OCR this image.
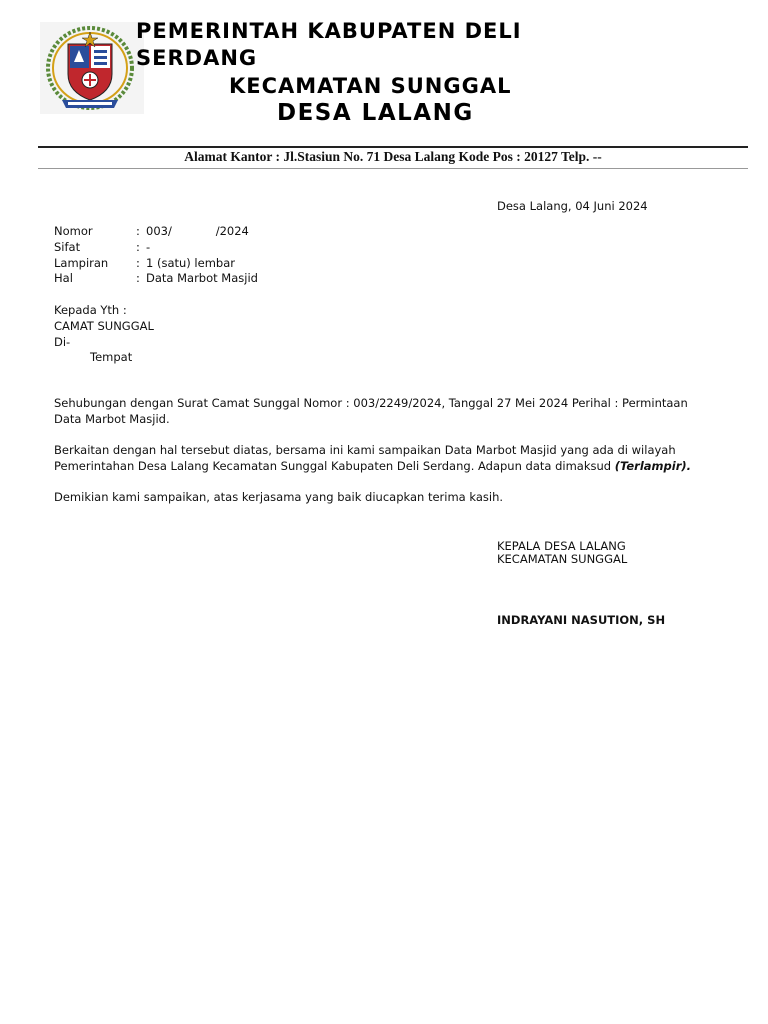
PEMERINTAH KABUPATEN DELI SERDANG
KECAMATAN SUNGGAL
DESA LALANG
Alamat Kantor : Jl.Stasiun No. 71 Desa Lalang Kode Pos : 20127 Telp. --
Desa Lalang, 04 Juni 2024
Nomor	: 003/            /2024
Sifat	: -
Lampiran : 1 (satu) lembar
Hal	: Data Marbot Masjid
Kepada Yth :
CAMAT SUNGGAL
Di-
Tempat
Sehubungan dengan Surat Camat Sunggal Nomor : 003/2249/2024, Tanggal 27 Mei 2024 Perihal : Permintaan Data Marbot Masjid.
Berkaitan dengan hal tersebut diatas, bersama ini kami sampaikan Data Marbot Masjid yang ada di wilayah Pemerintahan Desa Lalang Kecamatan Sunggal Kabupaten Deli Serdang. Adapun data dimaksud (Terlampir).
Demikian kami sampaikan, atas kerjasama yang baik diucapkan terima kasih.
KEPALA DESA LALANG
KECAMATAN SUNGGAL
INDRAYANI NASUTION, SH
